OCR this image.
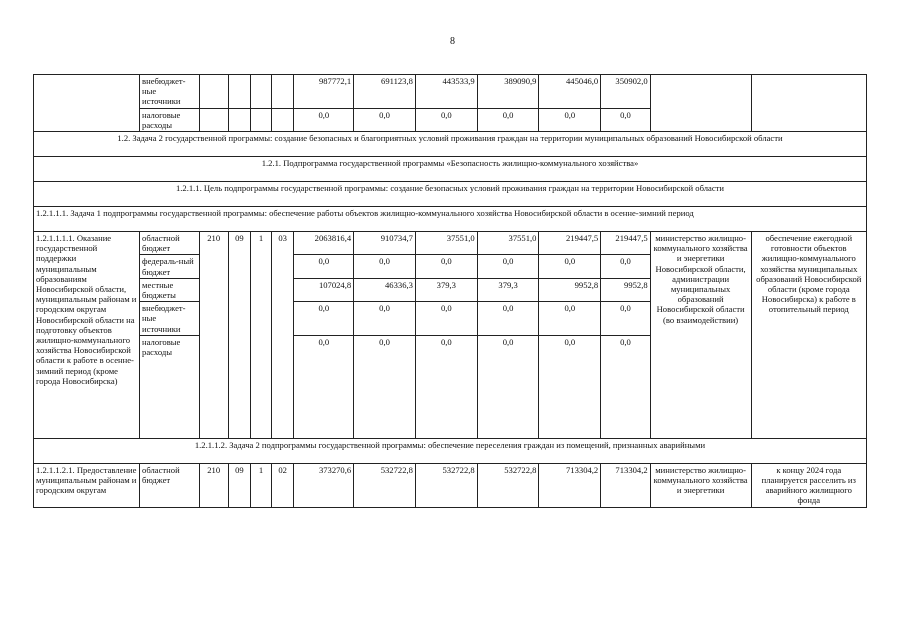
8
	внебюджет-ные источники					987772,1	691123,8	443533,9	389090,9	445046,0	350902,0		
	налоговые расходы					0,0	0,0	0,0	0,0	0,0	0,0		
1.2. Задача 2 государственной программы: создание безопасных и благоприятных условий проживания граждан на территории муниципальных образований Новосибирской области													
1.2.1. Подпрограмма государственной программы «Безопасность жилищно-коммунального хозяйства»													
1.2.1.1. Цель подпрограммы государственной программы: создание безопасных условий проживания граждан на территории Новосибирской области													
1.2.1.1.1. Задача 1 подпрограммы государственной программы: обеспечение работы объектов жилищно-коммунального хозяйства Новосибирской области в осенне-зимний период													
1.2.1.1.1.1. Оказание государственной поддержки муниципальным образованиям Новосибирской области, муниципальным районам и городским округам Новосибирской области на подготовку объектов жилищно-коммунального хозяйства Новосибирской области к работе в осенне-зимний период (кроме города Новосибирска)	областной бюджет	210	09	1	03	2063816,4	910734,7	37551,0	37551,0	219447,5	219447,5	министерство жилищно-коммунального хозяйства и энергетики Новосибирской области, администрации муниципальных образований Новосибирской области (во взаимодействии)	обеспечение ежегодной готовности объектов жилищно-коммунального хозяйства муниципальных образований Новосибирской области (кроме города Новосибирска) к работе в отопительный период
	федераль-ный бюджет					0,0	0,0	0,0	0,0	0,0	0,0		
	местные бюджеты					107024,8	46336,3	379,3	379,3	9952,8	9952,8		
	внебюджет-ные источники					0,0	0,0	0,0	0,0	0,0	0,0		
	налоговые расходы					0,0	0,0	0,0	0,0	0,0	0,0		
1.2.1.1.2. Задача 2 подпрограммы государственной программы: обеспечение переселения граждан из помещений, признанных аварийными													
1.2.1.1.2.1. Предоставление муниципальным районам и городским округам	областной бюджет	210	09	1	02	373270,6	532722,8	532722,8	532722,8	713304,2	713304,2	министерство жилищно-коммунального хозяйства и энергетики	к концу 2024 года планируется расселить из аварийного жилищного фонда
